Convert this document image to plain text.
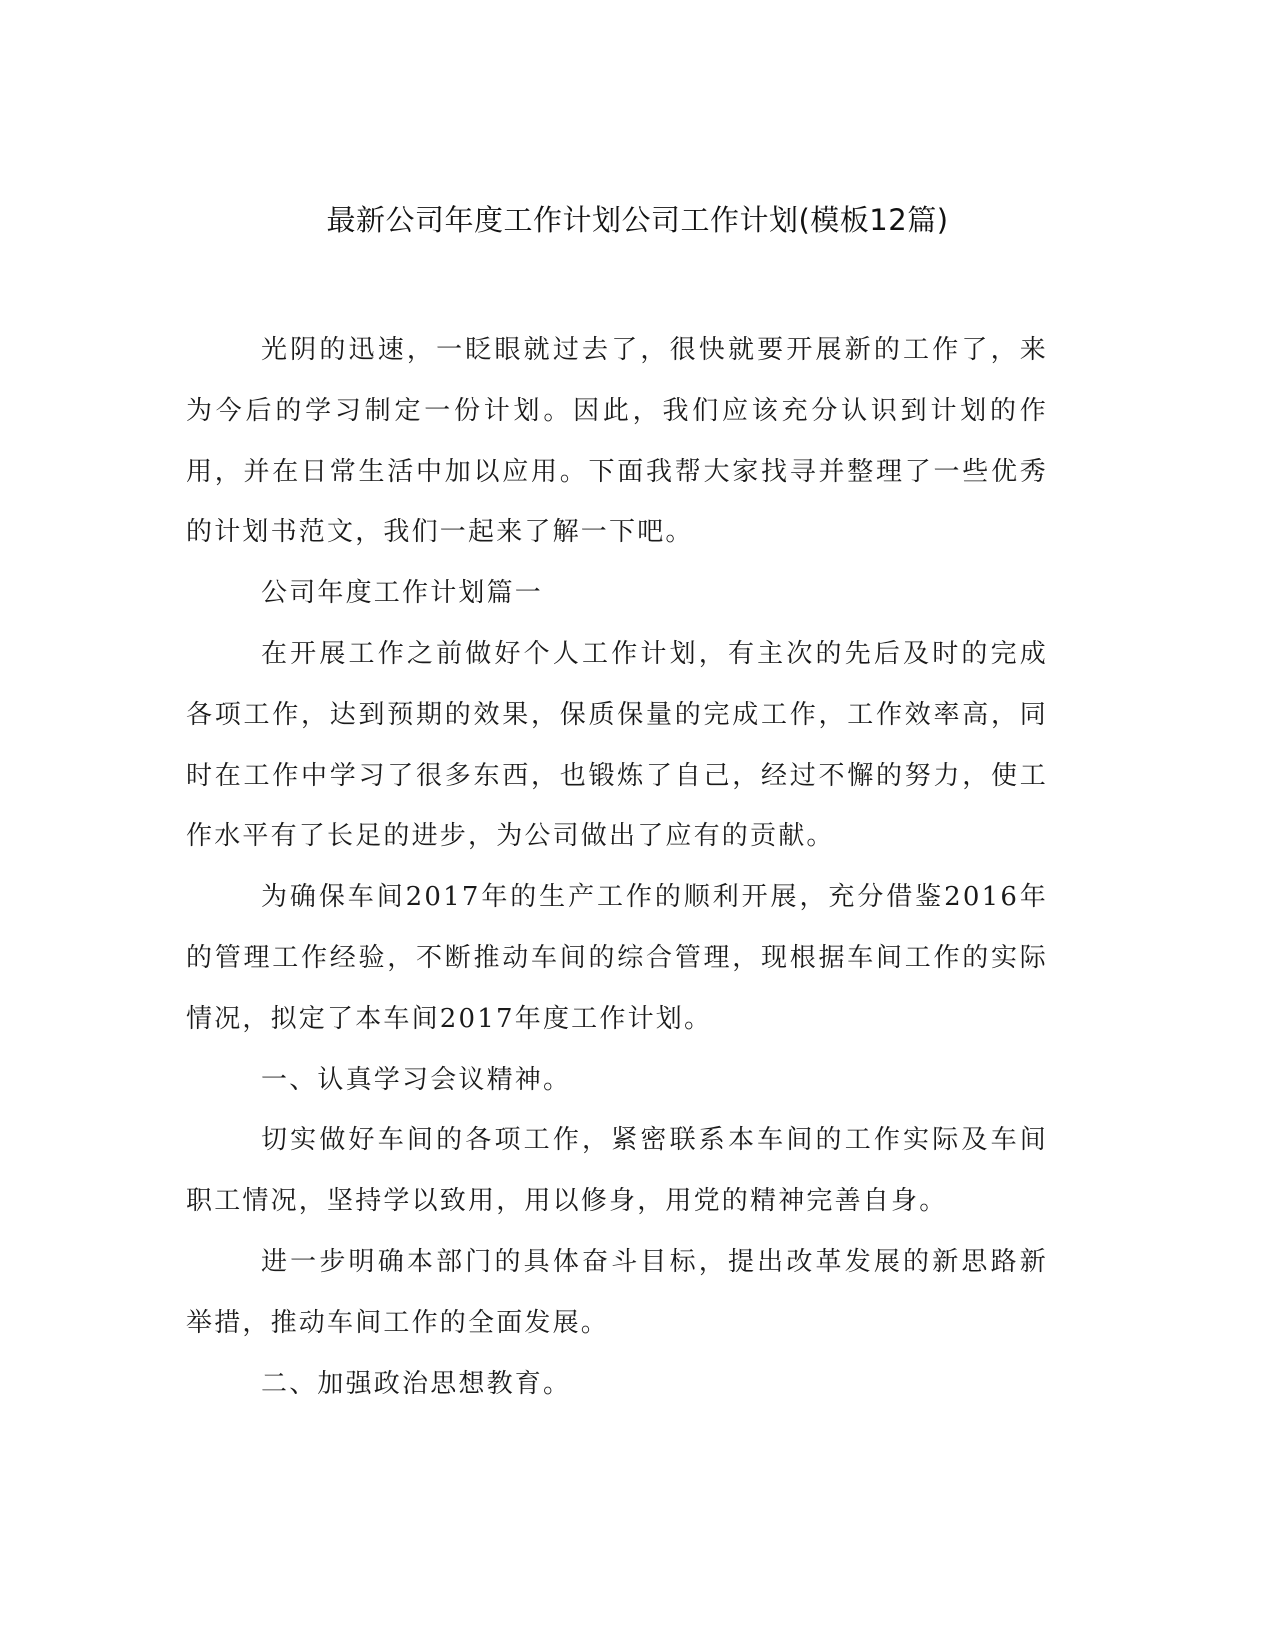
最新公司年度工作计划公司工作计划(模板12篇)

光阴的迅速，一眨眼就过去了，很快就要开展新的工作了，来为今后的学习制定一份计划。因此，我们应该充分认识到计划的作用，并在日常生活中加以应用。下面我帮大家找寻并整理了一些优秀的计划书范文，我们一起来了解一下吧。

公司年度工作计划篇一

在开展工作之前做好个人工作计划，有主次的先后及时的完成各项工作，达到预期的效果，保质保量的完成工作，工作效率高，同时在工作中学习了很多东西，也锻炼了自己，经过不懈的努力，使工作水平有了长足的进步，为公司做出了应有的贡献。

为确保车间2017年的生产工作的顺利开展，充分借鉴2016年的管理工作经验，不断推动车间的综合管理，现根据车间工作的实际情况，拟定了本车间2017年度工作计划。

一、认真学习会议精神。

切实做好车间的各项工作，紧密联系本车间的工作实际及车间职工情况，坚持学以致用，用以修身，用党的精神完善自身。

进一步明确本部门的具体奋斗目标，提出改革发展的新思路新举措，推动车间工作的全面发展。

二、加强政治思想教育。
